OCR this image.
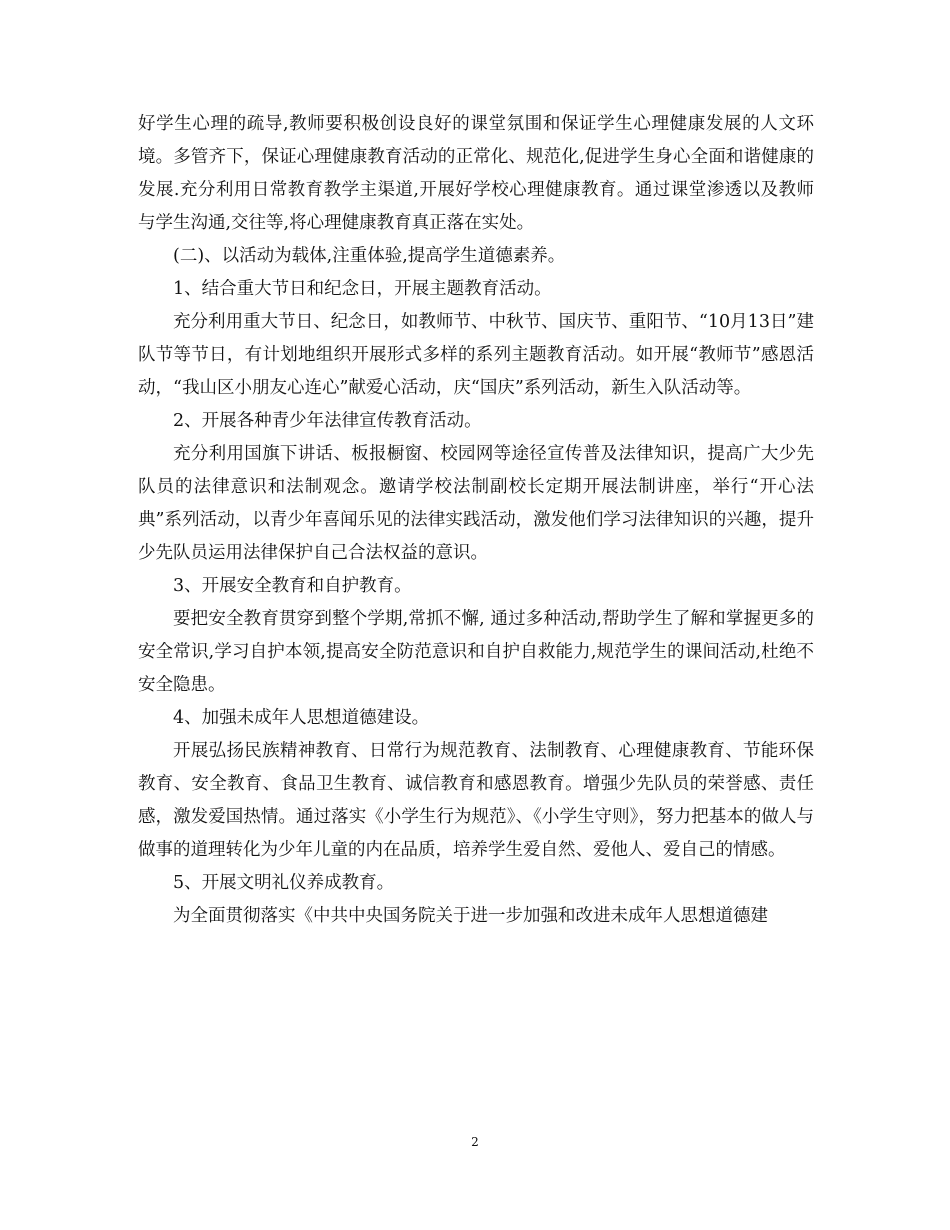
好学生心理的疏导,教师要积极创设良好的课堂氛围和保证学生心理健康发展的人文环境。多管齐下，保证心理健康教育活动的正常化、规范化,促进学生身心全面和谐健康的发展.充分利用日常教育教学主渠道,开展好学校心理健康教育。通过课堂渗透以及教师与学生沟通,交往等,将心理健康教育真正落在实处。

(二)、以活动为载体,注重体验,提高学生道德素养。

1、结合重大节日和纪念日，开展主题教育活动。

充分利用重大节日、纪念日，如教师节、中秋节、国庆节、重阳节、“10月13日”建队节等节日，有计划地组织开展形式多样的系列主题教育活动。如开展“教师节”感恩活动，“我山区小朋友心连心”献爱心活动，庆“国庆”系列活动，新生入队活动等。

2、开展各种青少年法律宣传教育活动。

充分利用国旗下讲话、板报橱窗、校园网等途径宣传普及法律知识，提高广大少先队员的法律意识和法制观念。邀请学校法制副校长定期开展法制讲座，举行“开心法典”系列活动，以青少年喜闻乐见的法律实践活动，激发他们学习法律知识的兴趣，提升少先队员运用法律保护自己合法权益的意识。

3、开展安全教育和自护教育。

要把安全教育贯穿到整个学期,常抓不懈, 通过多种活动,帮助学生了解和掌握更多的安全常识,学习自护本领,提高安全防范意识和自护自救能力,规范学生的课间活动,杜绝不安全隐患。

4、加强未成年人思想道德建设。

开展弘扬民族精神教育、日常行为规范教育、法制教育、心理健康教育、节能环保教育、安全教育、食品卫生教育、诚信教育和感恩教育。增强少先队员的荣誉感、责任感，激发爱国热情。通过落实《小学生行为规范》、《小学生守则》，努力把基本的做人与做事的道理转化为少年儿童的内在品质，培养学生爱自然、爱他人、爱自己的情感。

5、开展文明礼仪养成教育。

为全面贯彻落实《中共中央国务院关于进一步加强和改进未成年人思想道德建

2
